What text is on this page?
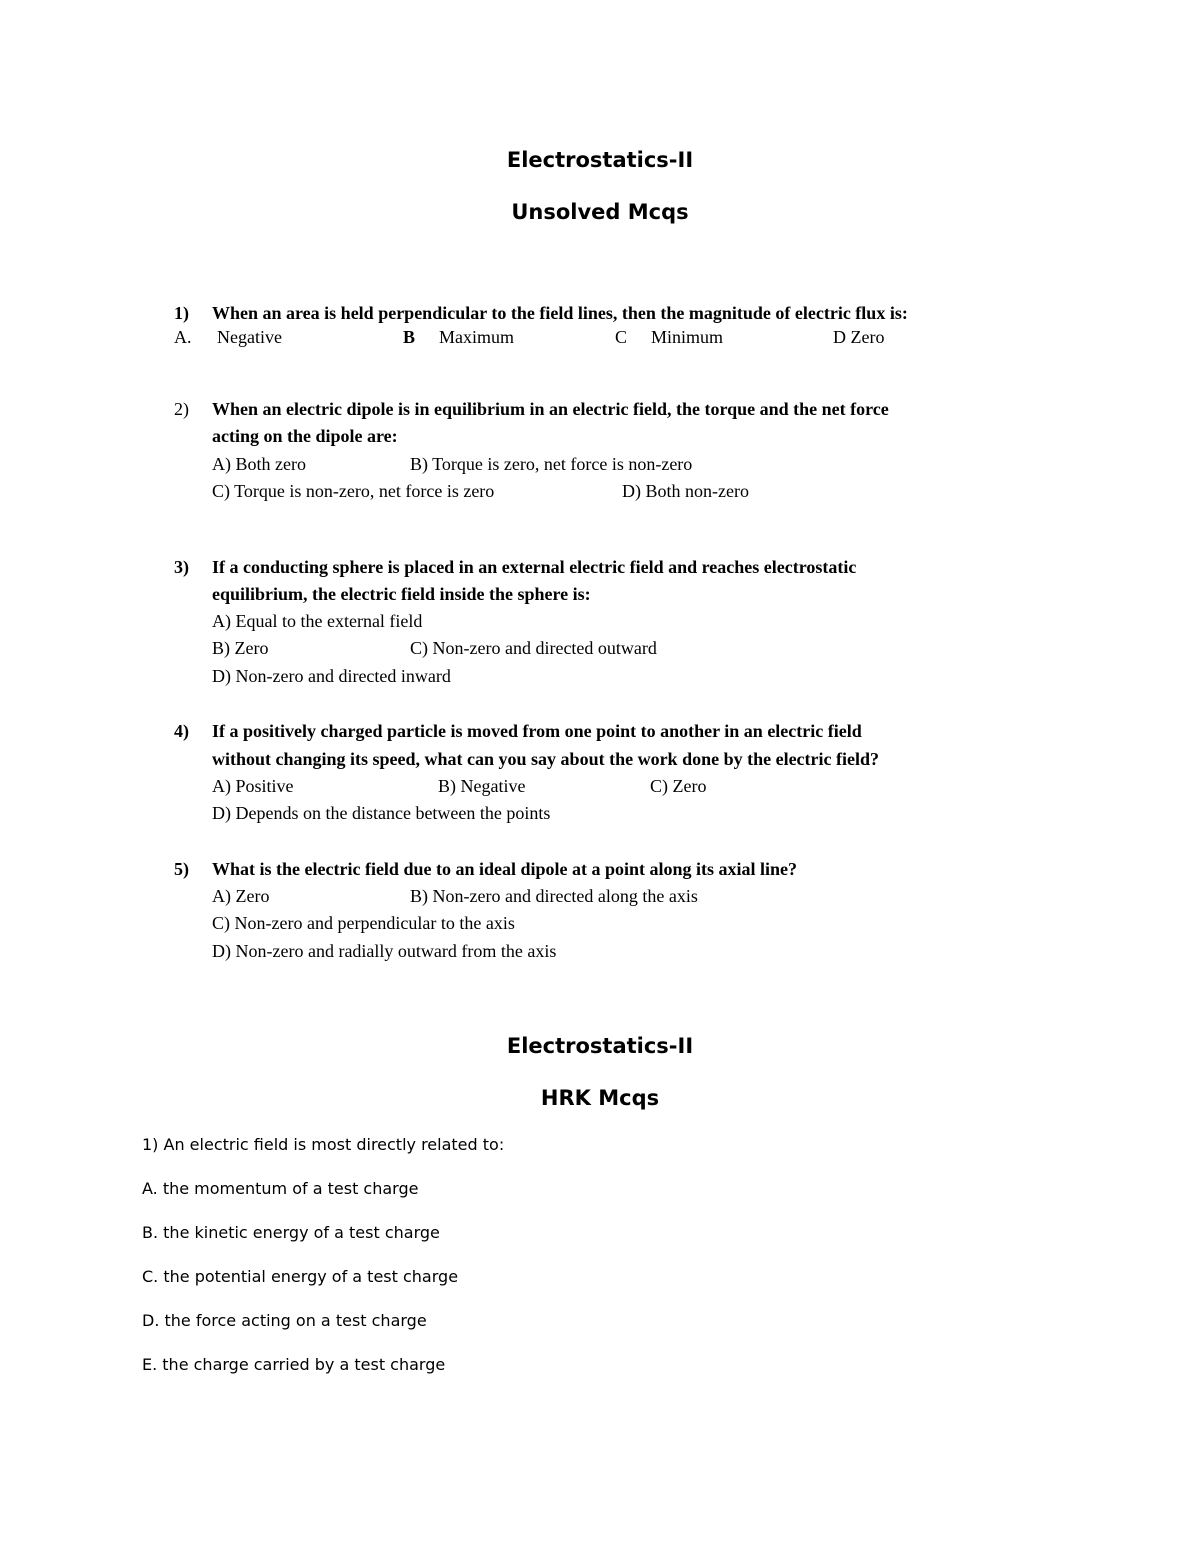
Electrostatics-II
Unsolved Mcqs
1) When an area is held perpendicular to the field lines, then the magnitude of electric flux is:
A. Negative	B Maximum	C Minimum	D Zero
2) When an electric dipole is in equilibrium in an electric field, the torque and the net force
acting on the dipole are:
A) Both zero	B) Torque is zero, net force is non-zero
C) Torque is non-zero, net force is zero	D) Both non-zero
3) If a conducting sphere is placed in an external electric field and reaches electrostatic
equilibrium, the electric field inside the sphere is:
A) Equal to the external field
B) Zero	C) Non-zero and directed outward
D) Non-zero and directed inward
4) If a positively charged particle is moved from one point to another in an electric field
without changing its speed, what can you say about the work done by the electric field?
A) Positive	B) Negative	C) Zero
D) Depends on the distance between the points
5) What is the electric field due to an ideal dipole at a point along its axial line?
A) Zero	B) Non-zero and directed along the axis
C) Non-zero and perpendicular to the axis
D) Non-zero and radially outward from the axis
Electrostatics-II
HRK Mcqs
1) An electric field is most directly related to:
A. the momentum of a test charge
B. the kinetic energy of a test charge
C. the potential energy of a test charge
D. the force acting on a test charge
E. the charge carried by a test charge
